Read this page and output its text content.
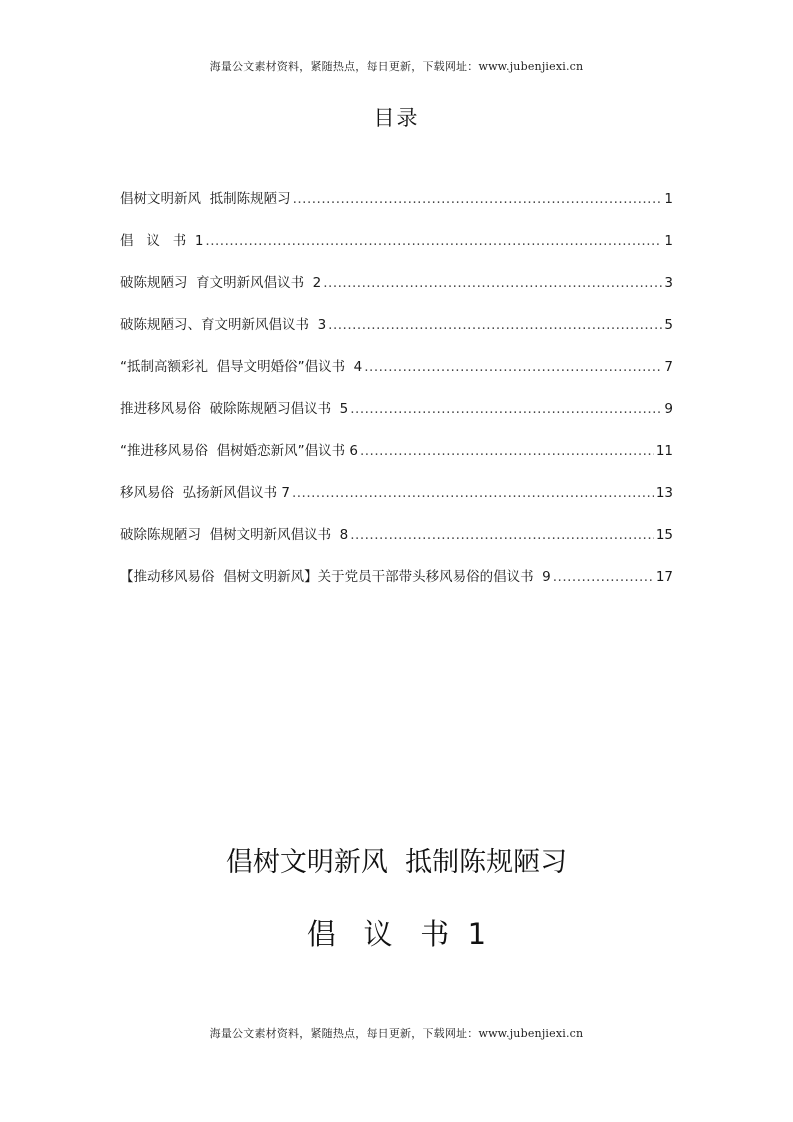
海量公文素材资料，紧随热点，每日更新，下载网址：www.jubenjiexi.cn
目录
倡树文明新风  抵制陈规陋习 .....	1
倡   议   书  1 .....	1
破陈规陋习  育文明新风倡议书  2 .....	3
破陈规陋习、育文明新风倡议书  3 .....	5
“抵制高额彩礼  倡导文明婚俗”倡议书  4 .....	7
推进移风易俗  破除陈规陋习倡议书  5 .....	9
“推进移风易俗  倡树婚恋新风”倡议书 6 .....	11
移风易俗  弘扬新风倡议书 7 .....	13
破除陈规陋习  倡树文明新风倡议书  8 .....	15
【推动移风易俗  倡树文明新风】关于党员干部带头移风易俗的倡议书  9 .....	17
倡树文明新风  抵制陈规陋习
倡   议   书  1
海量公文素材资料，紧随热点，每日更新，下载网址：www.jubenjiexi.cn
